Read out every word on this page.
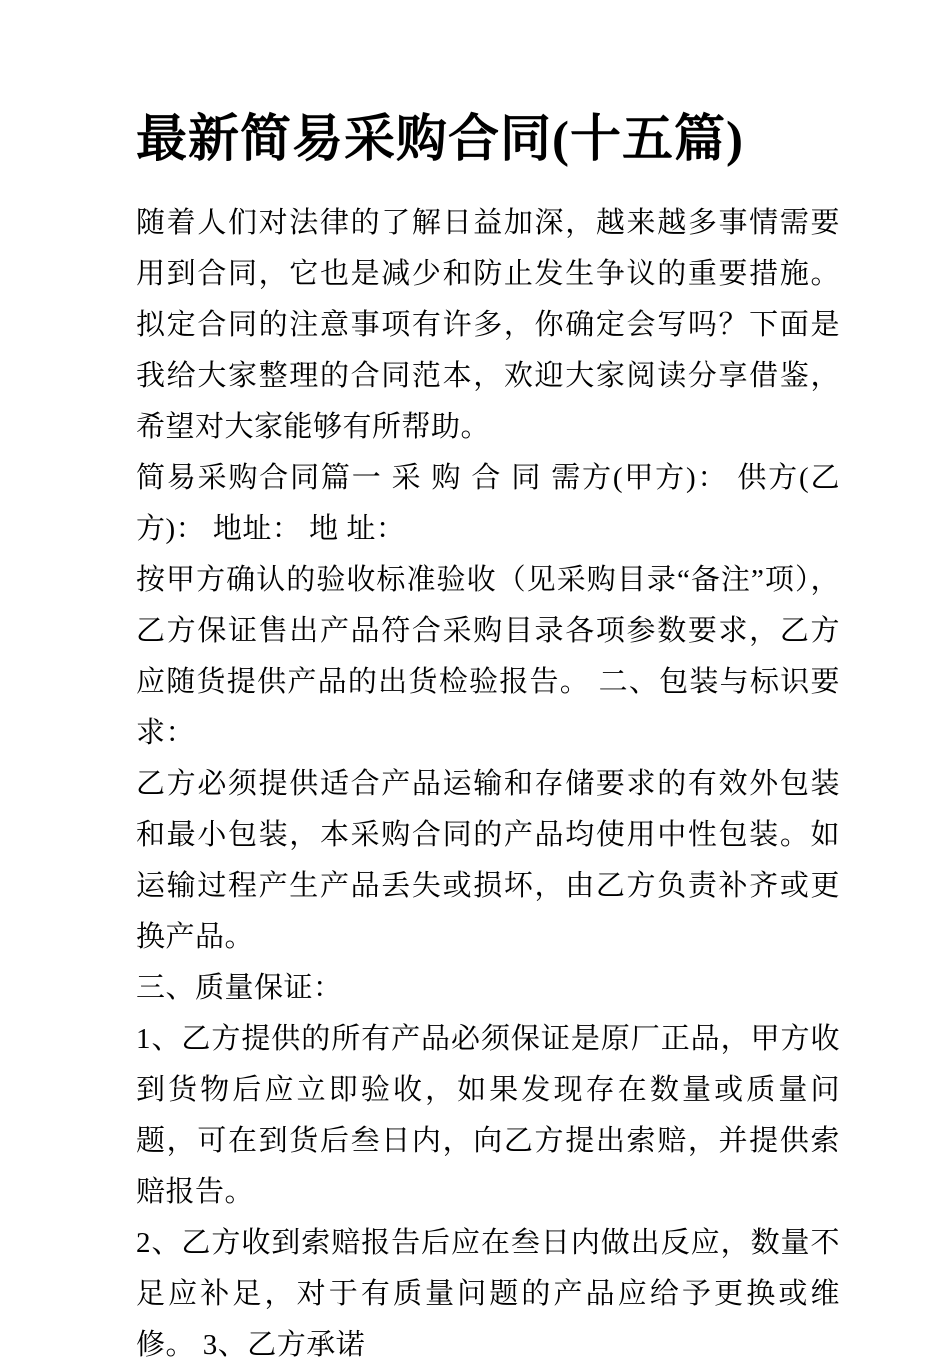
最新简易采购合同(十五篇)

随着人们对法律的了解日益加深，越来越多事情需要用到合同，它也是减少和防止发生争议的重要措施。拟定合同的注意事项有许多，你确定会写吗？下面是我给大家整理的合同范本，欢迎大家阅读分享借鉴，希望对大家能够有所帮助。

简易采购合同篇一 采 购 合 同 需方(甲方)： 供方(乙方)： 地址： 地 址：

按甲方确认的验收标准验收（见采购目录“备注”项），乙方保证售出产品符合采购目录各项参数要求，乙方应随货提供产品的出货检验报告。 二、包装与标识要求：

乙方必须提供适合产品运输和存储要求的有效外包装和最小包装，本采购合同的产品均使用中性包装。如运输过程产生产品丢失或损坏，由乙方负责补齐或更换产品。

三、质量保证：

1、乙方提供的所有产品必须保证是原厂正品，甲方收到货物后应立即验收，如果发现存在数量或质量问题，可在到货后叁日内，向乙方提出索赔，并提供索赔报告。

2、乙方收到索赔报告后应在叁日内做出反应，数量不足应补足，对于有质量问题的产品应给予更换或维修。 3、乙方承诺
